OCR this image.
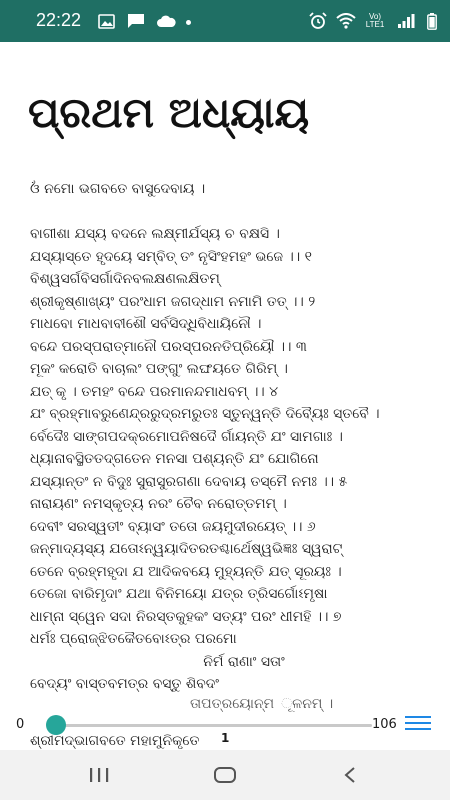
22:22	Vo)
LTE1
ପ୍ରଥମ ଅଧ୍ୟାୟ
ଓଁ ନମୋ ଭଗବତେ ବାସୁଦେବାୟ ।
ବାଗୀଶା ଯସ୍ୟ ବଦନେ ଲକ୍ଷ୍ମୀର୍ଯସ୍ୟ ଚ ବକ୍ଷସି ।
ଯସ୍ୟାସ୍ତେ ହୃଦୟେ ସମ୍ବିତ୍ ତଂ ନୃସିଂହମହଂ ଭଜେ ।। ୧
ବିଶ୍ୱସର୍ଗବିସର୍ଗାଦିନବଲକ୍ଷଣଲକ୍ଷିତମ୍
ଶ୍ରୀକୃଷ୍ଣାଖ୍ୟଂ ପରଂଧାମ ଜଗଦ୍ଧାମ ନମାମି ତତ୍ ।। ୨
ମାଧବୋ ମାଧବାବୀଶୌ ସର୍ବସିଦ୍ଧିବିଧାୟିନୌ ।
ବନ୍ଦେ ପରସ୍ପରାତ୍ମାନୌ ପରସ୍ପରନତିପ୍ରିୟୌ ।। ୩
ମୂକଂ କରୋତି ବାଚାଲଂ ପଙ୍ଗୁଂ ଲଙ୍ଘୟତେ ଗିରିମ୍ ।
ଯତ୍ କୃ । ତମହଂ ବନ୍ଦେ ପରମାନନ୍ଦମାଧବମ୍ ।। ୪
ଯଂ ବ୍ରହ୍ମାବରୁଣେନ୍ଦ୍ରରୁଦ୍ରମରୁତଃ ସ୍ତୁନ୍ୱନ୍ତି ଦିବ୍ୟୈଃ ସ୍ତବୈ ।
ର୍ବେଦୈଃ ସାଙ୍ଗପଦକ୍ରମୋପନିଷଦୈ ର୍ଗାୟନ୍ତି ଯଂ ସାମଗାଃ ।
ଧ୍ୟାନାବସ୍ଥିତତଦ୍ଗତେନ ମନସା ପଶ୍ୟନ୍ତି ଯଂ ଯୋଗିନୋ
ଯସ୍ୟାନ୍ତଂ ନ ବିଦୁଃ ସୁରାସୁରଗଣା ଦେବାୟ ତସ୍ମୈ ନମଃ ।। ୫
ନାରାୟଣଂ ନମସ୍କୃତ୍ୟ ନରଂ ଚୈବ ନରୋତ୍ତମମ୍ ।
ଦେବୀଂ ସରସ୍ୱତୀଂ ବ୍ୟାସଂ ତତୋ ଜୟମୁଦୀରୟେତ୍ ।। ୬
ଜନ୍ମାଦ୍ୟସ୍ୟ ଯତୋଽନ୍ୱୟାଦିତରତଶ୍ଚାର୍ଥେଷ୍ୱଭିଜ୍ଞଃ ସ୍ୱରାଟ୍
ତେନେ ବ୍ରହ୍ମହୃଦା ଯ ଆଦିକବୟେ ମୁହ୍ୟନ୍ତି ଯତ୍ ସୂରୟଃ ।
ତେଜୋ ବାରିମୃଦାଂ ଯଥା ବିନିମୟୋ ଯତ୍ର ତ୍ରିସର୍ଗୋଽମୃଷା
ଧାମ୍ନା ସ୍ୱେନ ସଦା ନିରସ୍ତକୁହକଂ ସତ୍ୟଂ ପରଂ ଧୀମହି ।। ୭
ଧର୍ମଃ ପ୍ରୋଜ୍ଝିତକୈତବୋଽତ୍ର ପରମୋ
ନିର୍ମ ରାଣାଂ ସତାଂ
ବେଦ୍ୟଂ ବାସ୍ତବମତ୍ର ବସ୍ତୁ ଶିବଦଂ
ତାପତ୍ରୟୋନ୍ମ ୂଳନମ୍ ।
0
1
106
ଶ୍ରୀମଦ୍ଭାଗବତେ ମହାମୁନିକୃତେ
